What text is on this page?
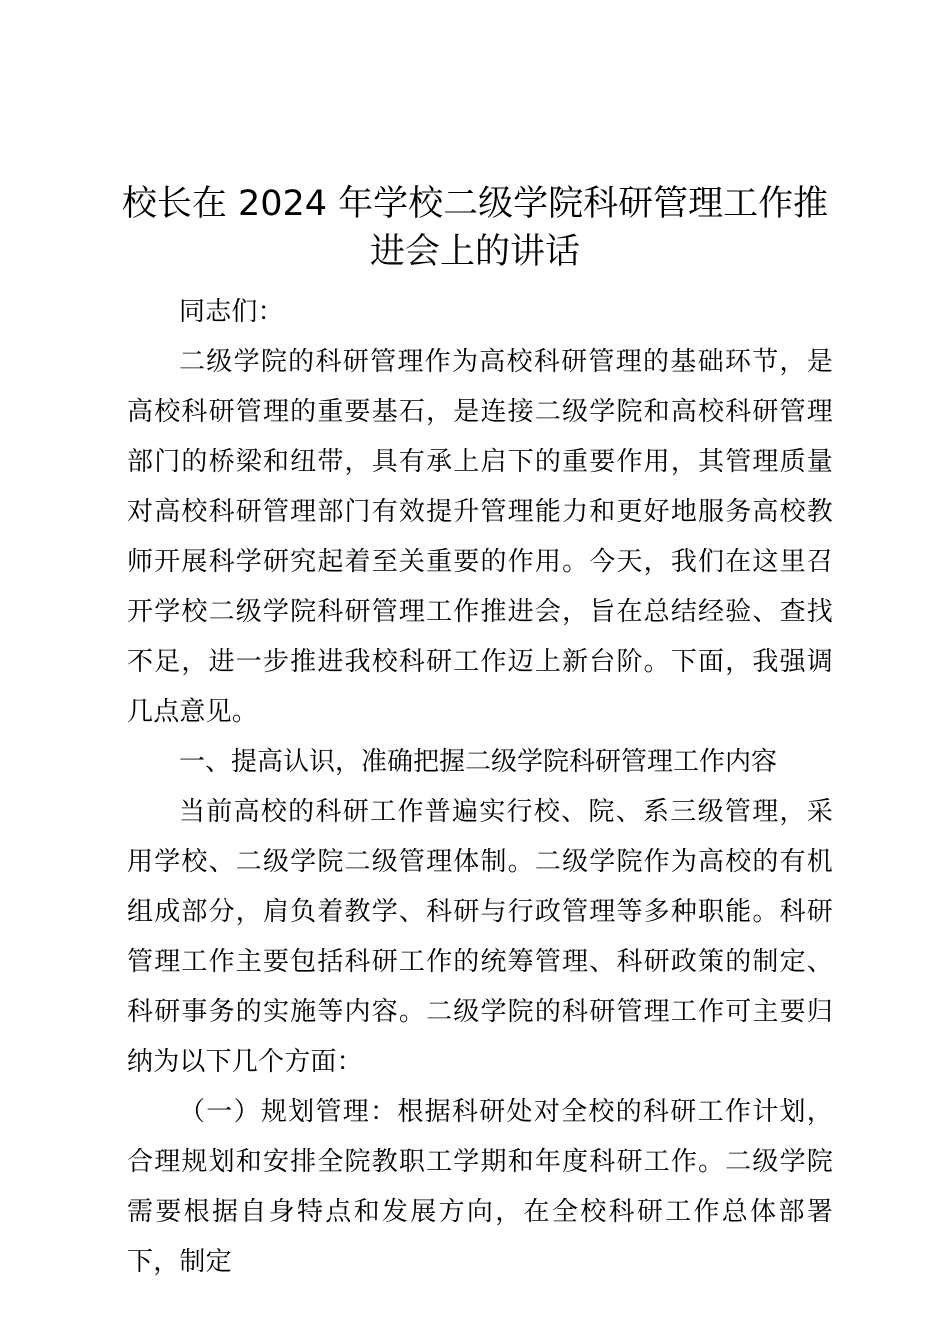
校长在 2024 年学校二级学院科研管理工作推进会上的讲话

同志们：

二级学院的科研管理作为高校科研管理的基础环节，是高校科研管理的重要基石，是连接二级学院和高校科研管理部门的桥梁和纽带，具有承上启下的重要作用，其管理质量对高校科研管理部门有效提升管理能力和更好地服务高校教师开展科学研究起着至关重要的作用。今天，我们在这里召开学校二级学院科研管理工作推进会，旨在总结经验、查找不足，进一步推进我校科研工作迈上新台阶。下面，我强调几点意见。

一、提高认识，准确把握二级学院科研管理工作内容

当前高校的科研工作普遍实行校、院、系三级管理，采用学校、二级学院二级管理体制。二级学院作为高校的有机组成部分，肩负着教学、科研与行政管理等多种职能。科研管理工作主要包括科研工作的统筹管理、科研政策的制定、科研事务的实施等内容。二级学院的科研管理工作可主要归纳为以下几个方面：

（一）规划管理：根据科研处对全校的科研工作计划，合理规划和安排全院教职工学期和年度科研工作。二级学院需要根据自身特点和发展方向，在全校科研工作总体部署下，制定
